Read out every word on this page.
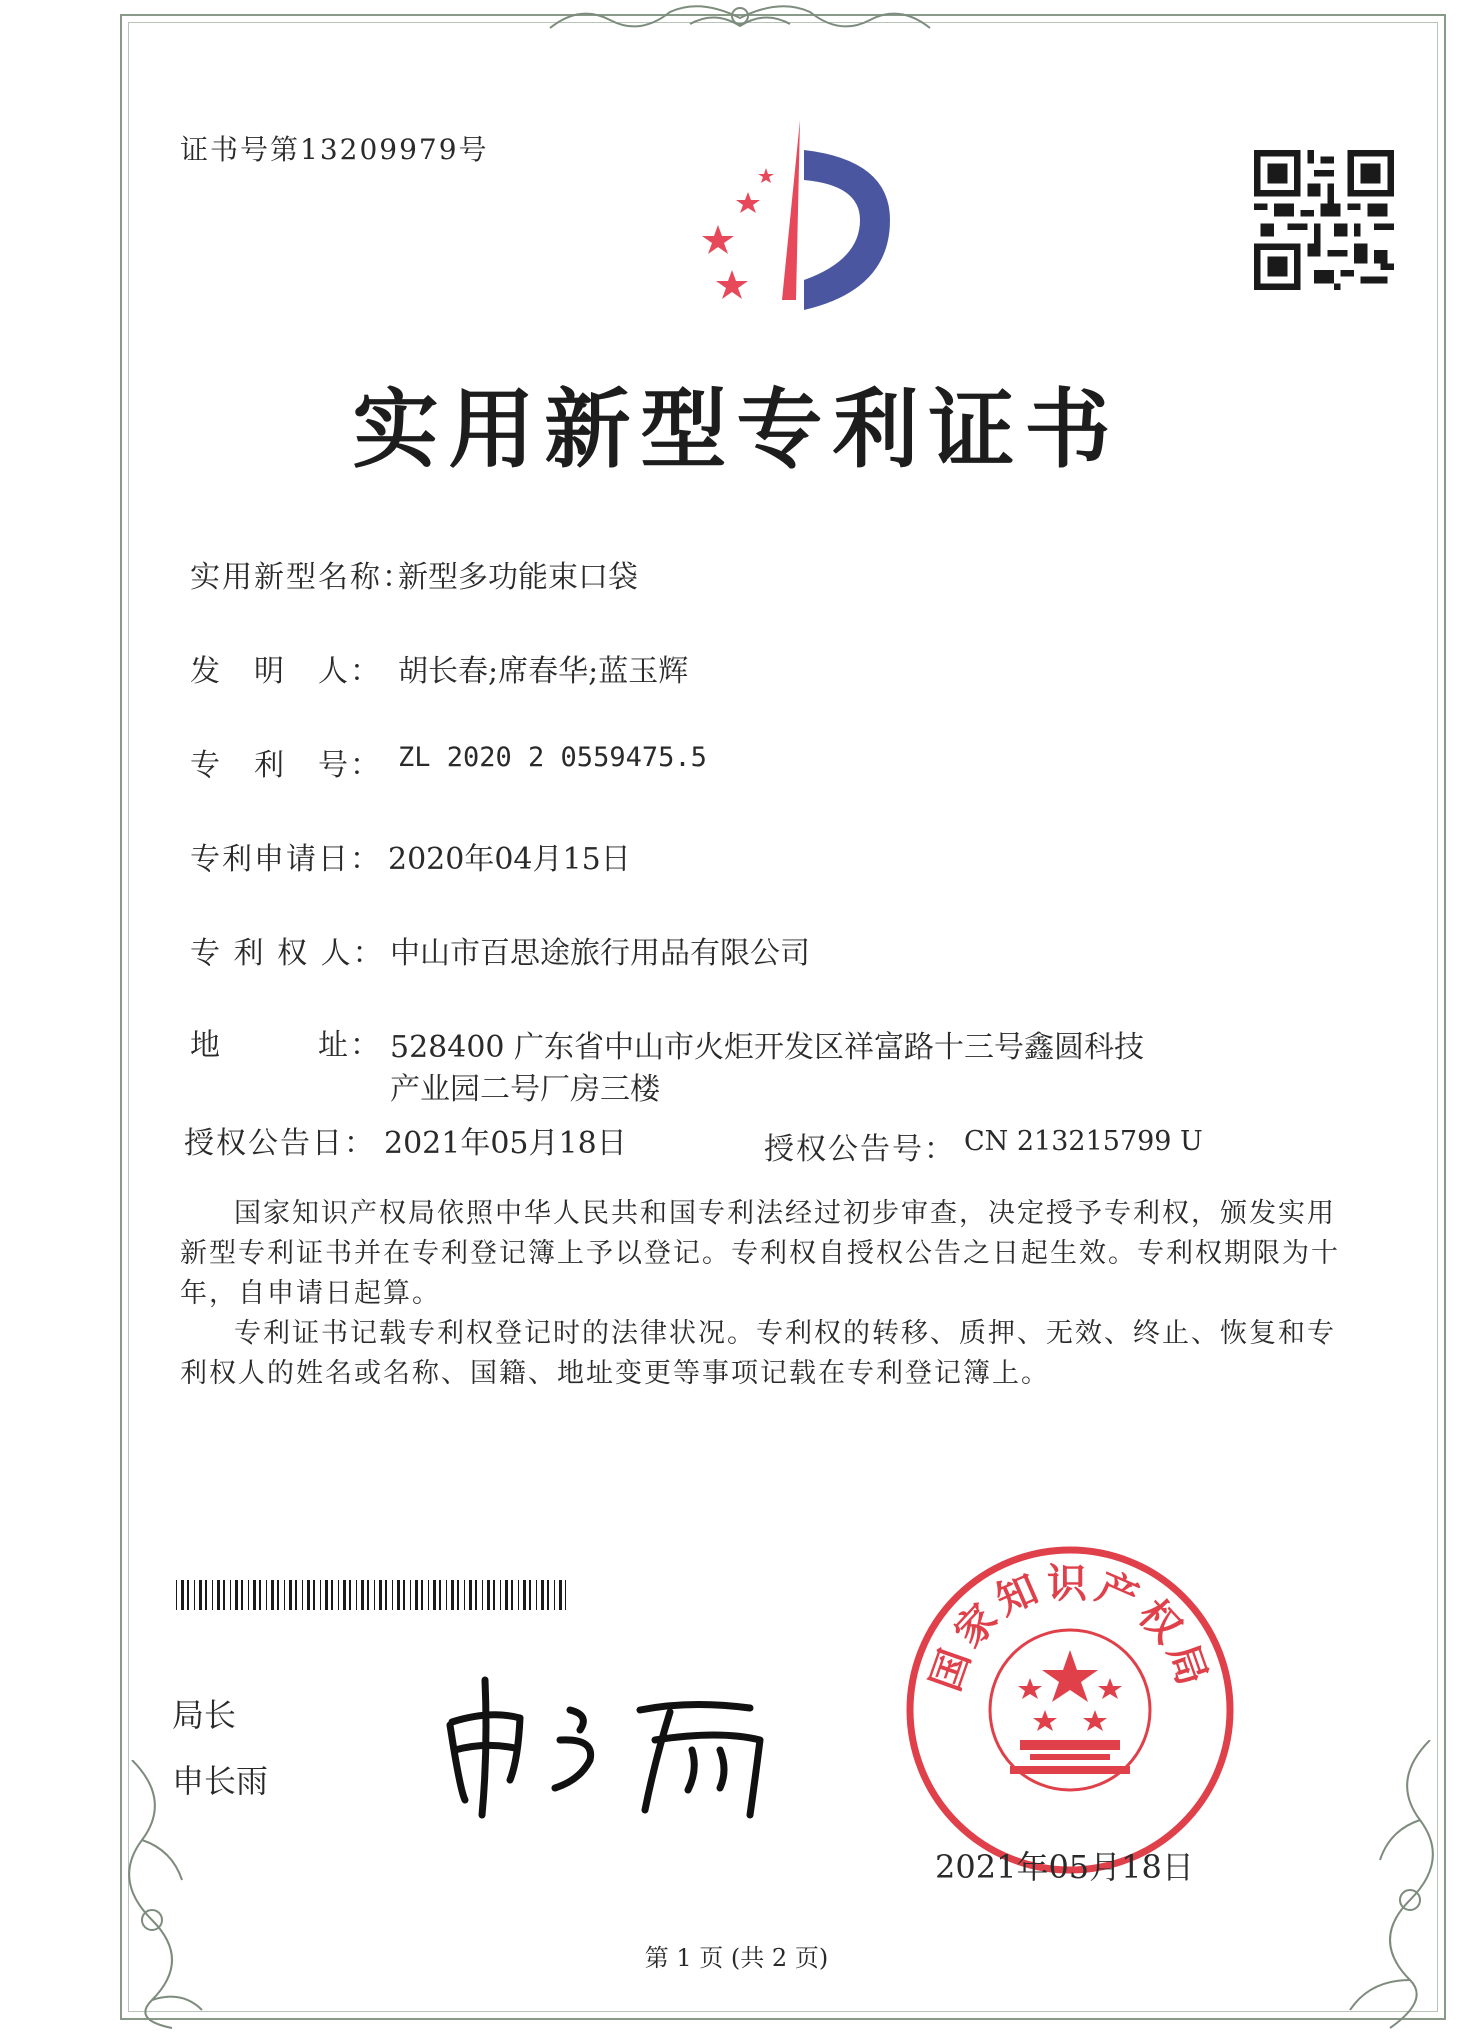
证书号第13209979号
实用新型专利证书
实用新型名称：
新型多功能束口袋
发　明　人： 胡长春;席春华;蓝玉辉
专　利　号： ZL 2020 2 0559475.5
专利申请日： 2020年04月15日
专 利 权 人： 中山市百思途旅行用品有限公司
地　　　址： 528400 广东省中山市火炬开发区祥富路十三号鑫圆科技
产业园二号厂房三楼
授权公告日： 2021年05月18日	授权公告号： CN 213215799 U

国家知识产权局依照中华人民共和国专利法经过初步审查，决定授予专利权，颁发实用新型专利证书并在专利登记簿上予以登记。专利权自授权公告之日起生效。专利权期限为十年，自申请日起算。

专利证书记载专利权登记时的法律状况。专利权的转移、质押、无效、终止、恢复和专利权人的姓名或名称、国籍、地址变更等事项记载在专利登记簿上。

局长
申长雨
国家知识产权局
2021年05月18日
第 1 页 (共 2 页)
